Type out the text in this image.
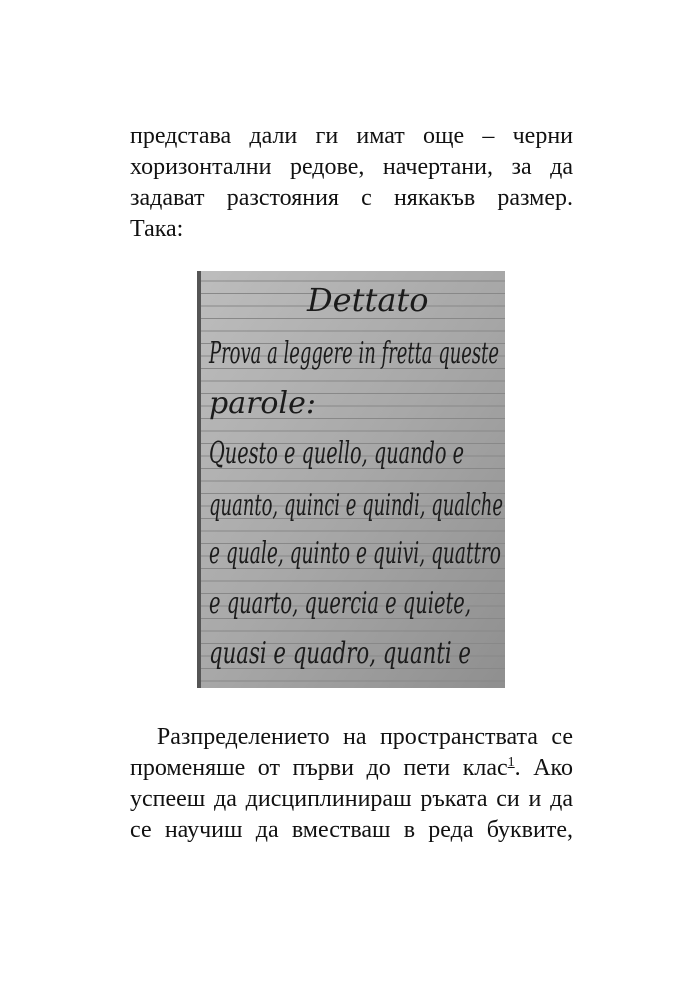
представа дали ги имат още – черни
хоризонтални редове, начертани, за да
задават разстояния с някакъв размер.
Така:
Dettato
Prova a leggere in fretta queste
parole:
Questo e quello, quando e
quanto, quinci e quindi, qualche
e quale, quinto e quivi, quattro
e quarto, quercia e quiete,
quasi e quadro, quanti e
Разпределението на пространствата се
променяше от първи до пети клас$^1$. Ако
успееш да дисциплинираш ръката си и да
се научиш да вместваш в реда буквите,
